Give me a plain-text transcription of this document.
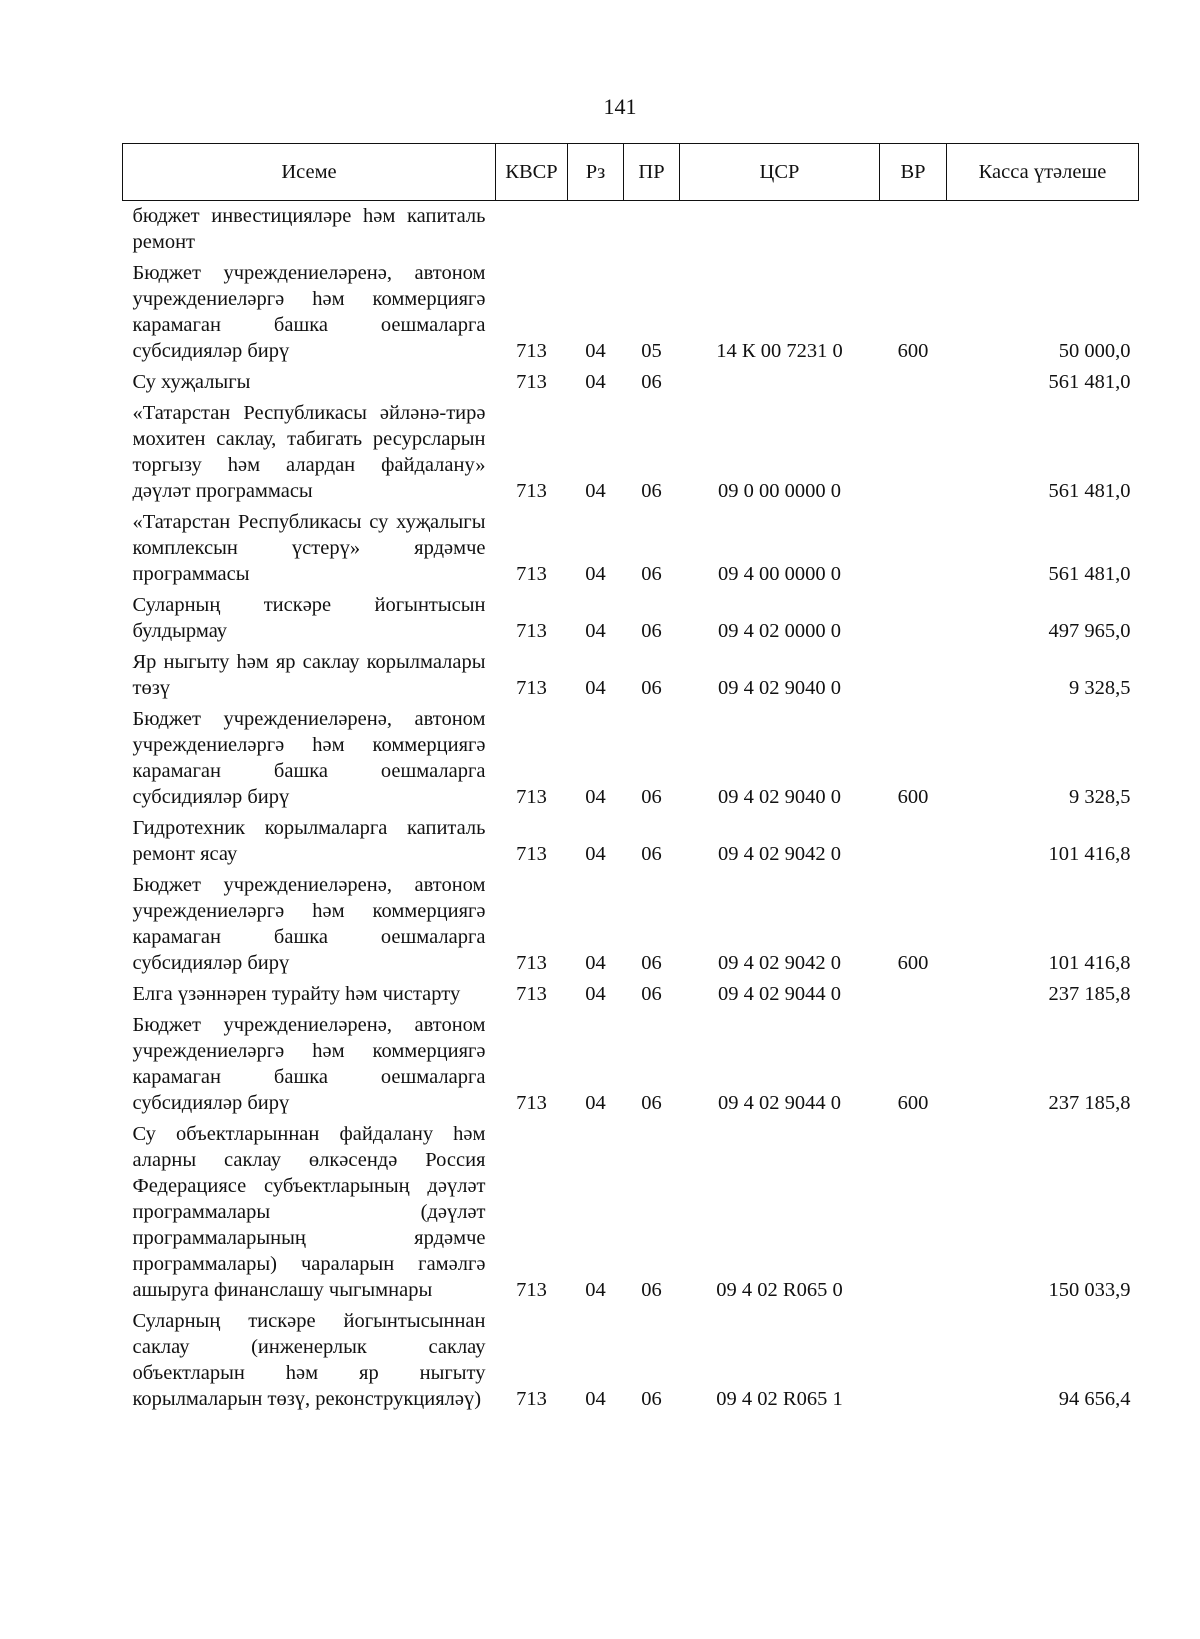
141
Исеме	КВСР	Рз	ПР	ЦСР	ВР	Касса үтәлеше
бюджет инвестицияләре һәм капиталь ремонт						
Бюджет учреждениеләренә, автоном учреждениеләргә һәм коммерциягә карамаган башка оешмаларга субсидияләр бирү	713	04	05	14 К 00 7231 0	600	50 000,0
Су хуҗалыгы	713	04	06			561 481,0
«Татарстан Республикасы әйләнә-тирә мохитен саклау, табигать ресурсларын торгызу һәм алардан файдалану» дәүләт программасы	713	04	06	09 0 00 0000 0		561 481,0
«Татарстан Республикасы су хуҗалыгы комплексын үстерү» ярдәмче программасы	713	04	06	09 4 00 0000 0		561 481,0
Суларның тискәре йогынтысын булдырмау	713	04	06	09 4 02 0000 0		497 965,0
Яр ныгыту һәм яр саклау корылмалары төзү	713	04	06	09 4 02 9040 0		9 328,5
Бюджет учреждениеләренә, автоном учреждениеләргә һәм коммерциягә карамаган башка оешмаларга субсидияләр бирү	713	04	06	09 4 02 9040 0	600	9 328,5
Гидротехник корылмаларга капиталь ремонт ясау	713	04	06	09 4 02 9042 0		101 416,8
Бюджет учреждениеләренә, автоном учреждениеләргә һәм коммерциягә карамаган башка оешмаларга субсидияләр бирү	713	04	06	09 4 02 9042 0	600	101 416,8
Елга үзәннәрен турайту һәм чистарту	713	04	06	09 4 02 9044 0		237 185,8
Бюджет учреждениеләренә, автоном учреждениеләргә һәм коммерциягә карамаган башка оешмаларга субсидияләр бирү	713	04	06	09 4 02 9044 0	600	237 185,8
Су объектларыннан файдалану һәм аларны саклау өлкәсендә Россия Федерациясе субъектларының дәүләт программалары (дәүләт программаларының ярдәмче программалары) чараларын гамәлгә ашыруга финанслашу чыгымнары	713	04	06	09 4 02 R065 0		150 033,9
Суларның тискәре йогынтысыннан саклау (инженерлык саклау объектларын һәм яр ныгыту корылмаларын төзү, реконструкцияләү)	713	04	06	09 4 02 R065 1		94 656,4
